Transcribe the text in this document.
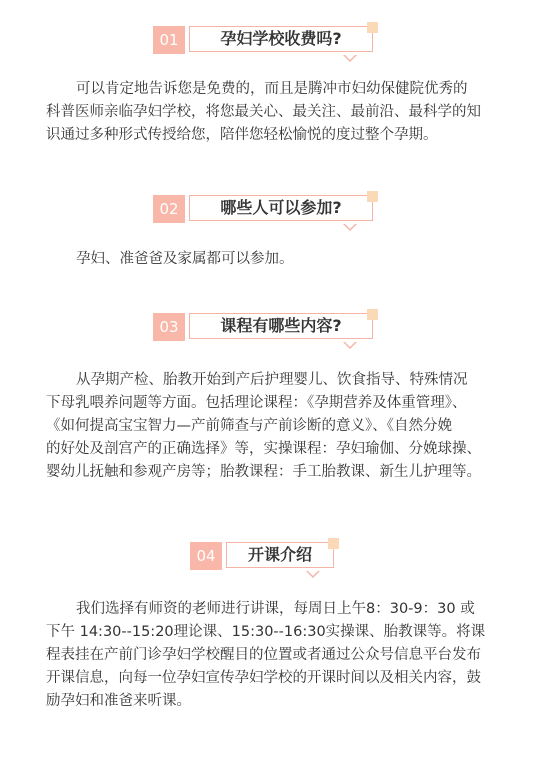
01	孕妇学校收费吗?
可以肯定地告诉您是免费的，而且是腾冲市妇幼保健院优秀的
科普医师亲临孕妇学校，将您最关心、最关注、最前沿、最科学的知
识通过多种形式传授给您，陪伴您轻松愉悦的度过整个孕期。
02	哪些人可以参加?
孕妇、准爸爸及家属都可以参加。
03	课程有哪些内容?
从孕期产检、胎教开始到产后护理婴儿、饮食指导、特殊情况
下母乳喂养问题等方面。包括理论课程：《孕期营养及体重管理》、
《如何提高宝宝智力—产前筛查与产前诊断的意义》、《自然分娩
的好处及剖宫产的正确选择》等，实操课程：孕妇瑜伽、分娩球操、
婴幼儿抚触和参观产房等；胎教课程：手工胎教课、新生儿护理等。
04	开课介绍
我们选择有师资的老师进行讲课，每周日上午8：30-9：30 或
下午 14:30--15:20理论课、15:30--16:30实操课、胎教课等。将课
程表挂在产前门诊孕妇学校醒目的位置或者通过公众号信息平台发布
开课信息，向每一位孕妇宣传孕妇学校的开课时间以及相关内容，鼓
励孕妇和准爸来听课。
